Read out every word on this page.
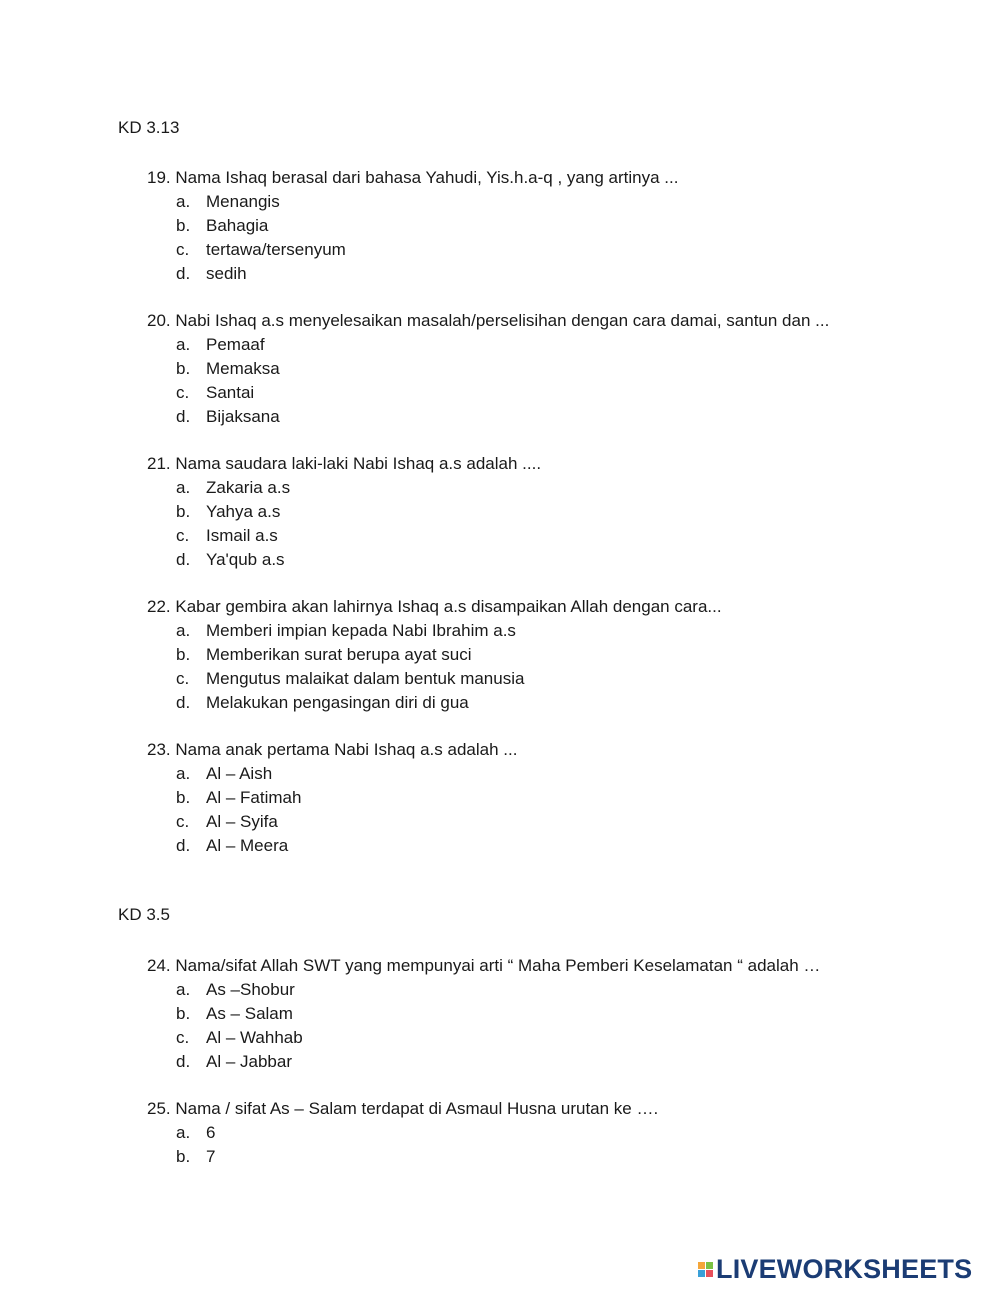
KD 3.13
19. Nama Ishaq berasal dari bahasa Yahudi, Yis.h.a-q , yang artinya ...
a. Menangis
b. Bahagia
c. tertawa/tersenyum
d. sedih
20. Nabi Ishaq a.s menyelesaikan masalah/perselisihan dengan cara damai, santun dan ...
a. Pemaaf
b. Memaksa
c. Santai
d. Bijaksana
21. Nama saudara laki-laki Nabi Ishaq a.s adalah ....
a. Zakaria a.s
b. Yahya a.s
c. Ismail a.s
d. Ya'qub a.s
22. Kabar gembira akan lahirnya Ishaq a.s disampaikan Allah dengan cara...
a. Memberi impian kepada Nabi Ibrahim a.s
b. Memberikan surat berupa ayat suci
c. Mengutus malaikat dalam bentuk manusia
d. Melakukan pengasingan diri di gua
23. Nama anak pertama Nabi Ishaq a.s adalah ...
a. Al – Aish
b. Al – Fatimah
c. Al – Syifa
d. Al – Meera
KD 3.5
24. Nama/sifat Allah SWT yang mempunyai arti “ Maha Pemberi Keselamatan “ adalah …
a. As –Shobur
b. As – Salam
c. Al – Wahhab
d. Al – Jabbar
25. Nama / sifat As – Salam terdapat di Asmaul Husna urutan ke ….
a. 6
b. 7
LIVEWORKSHEETS
